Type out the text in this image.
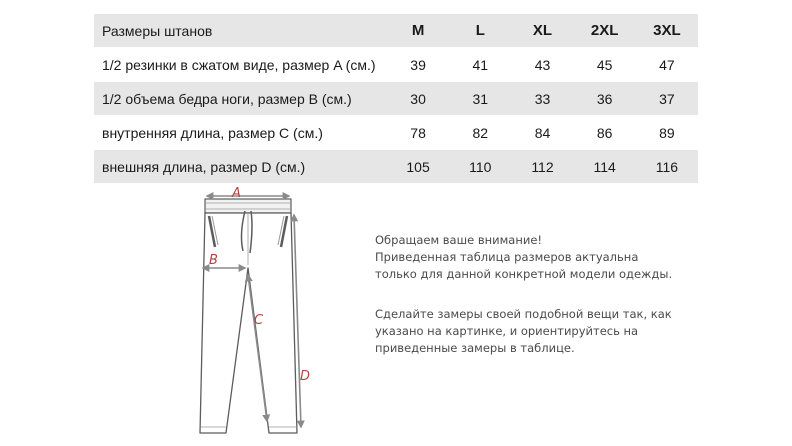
Размеры штанов	M	L	XL	2XL	3XL
1/2 резинки в сжатом виде, размер A (см.)	39	41	43	45	47
1/2 объема бедра ноги, размер B (см.)	30	31	33	36	37
внутренняя длина, размер C (см.)	78	82	84	86	89
внешняя длина, размер D (см.)	105	110	112	114	116
A
B
C
D

Обращаем ваше внимание!

Приведенная таблица размеров актуальна

только для данной конкретной модели одежды.

Сделайте замеры своей подобной вещи так, как

указано на картинке, и ориентируйтесь на

приведенные замеры в таблице.
